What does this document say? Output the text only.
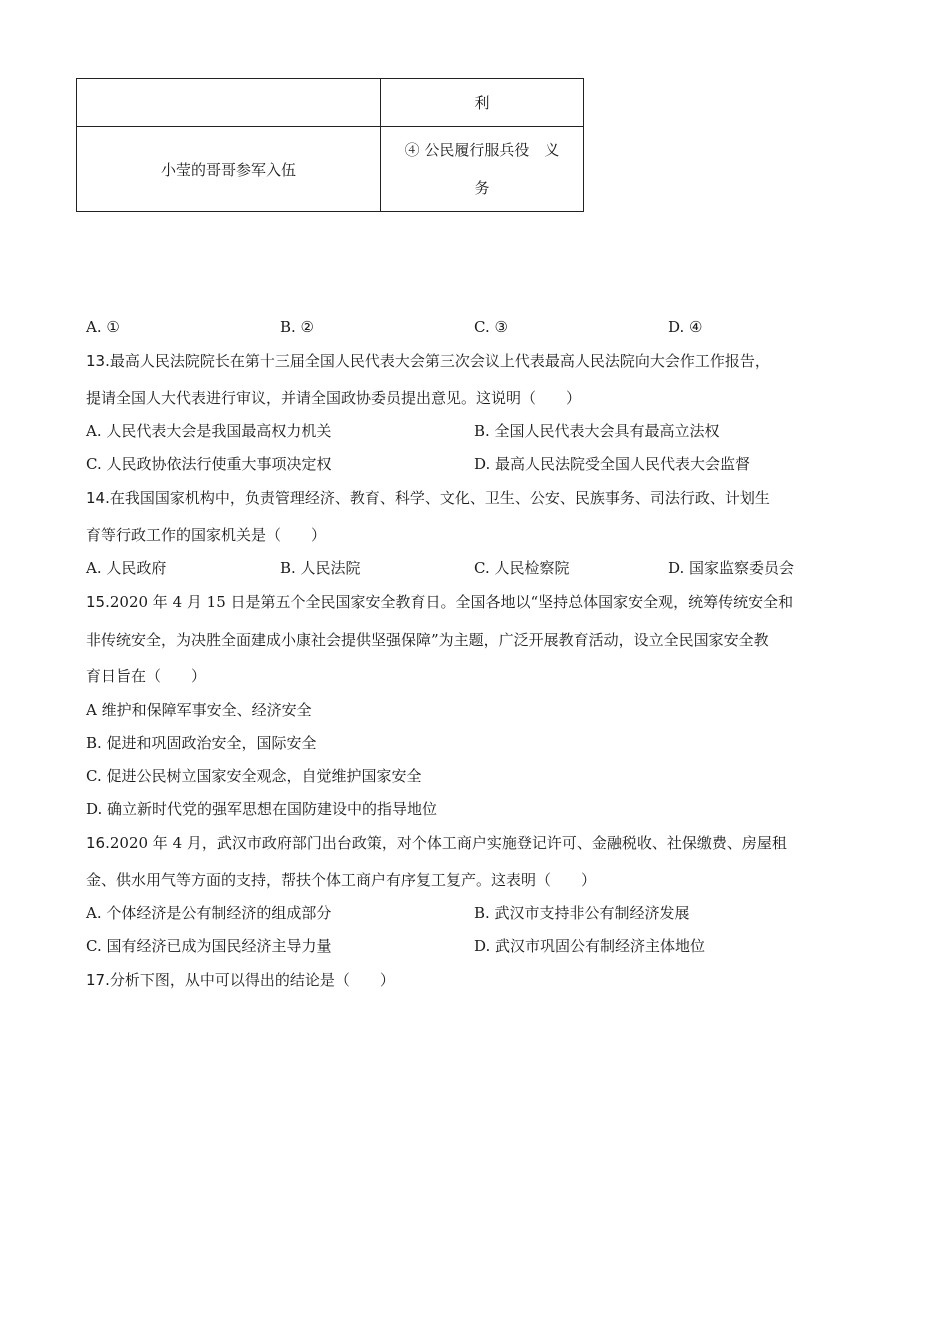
	利
小莹的哥哥参军入伍	④ 公民履行服兵役　义
务
A. ①	B. ②	C. ③	D. ④
13.最高人民法院院长在第十三届全国人民代表大会第三次会议上代表最高人民法院向大会作工作报告，
提请全国人大代表进行审议，并请全国政协委员提出意见。这说明（　　）
A. 人民代表大会是我国最高权力机关	B. 全国人民代表大会具有最高立法权
C. 人民政协依法行使重大事项决定权	D. 最高人民法院受全国人民代表大会监督
14.在我国国家机构中，负责管理经济、教育、科学、文化、卫生、公安、民族事务、司法行政、计划生
育等行政工作的国家机关是（　　）
A. 人民政府	B. 人民法院	C. 人民检察院	D. 国家监察委员会
15.2020 年 4 月 15 日是第五个全民国家安全教育日。全国各地以“坚持总体国家安全观，统筹传统安全和
非传统安全，为决胜全面建成小康社会提供坚强保障”为主题，广泛开展教育活动，设立全民国家安全教
育日旨在（　　）
A 维护和保障军事安全、经济安全
B. 促进和巩固政治安全，国际安全
C. 促进公民树立国家安全观念，自觉维护国家安全
D. 确立新时代党的强军思想在国防建设中的指导地位
16.2020 年 4 月，武汉市政府部门出台政策，对个体工商户实施登记许可、金融税收、社保缴费、房屋租
金、供水用气等方面的支持，帮扶个体工商户有序复工复产。这表明（　　）
A. 个体经济是公有制经济的组成部分	B. 武汉市支持非公有制经济发展
C. 国有经济已成为国民经济主导力量	D. 武汉市巩固公有制经济主体地位
17.分析下图，从中可以得出的结论是（　　）
